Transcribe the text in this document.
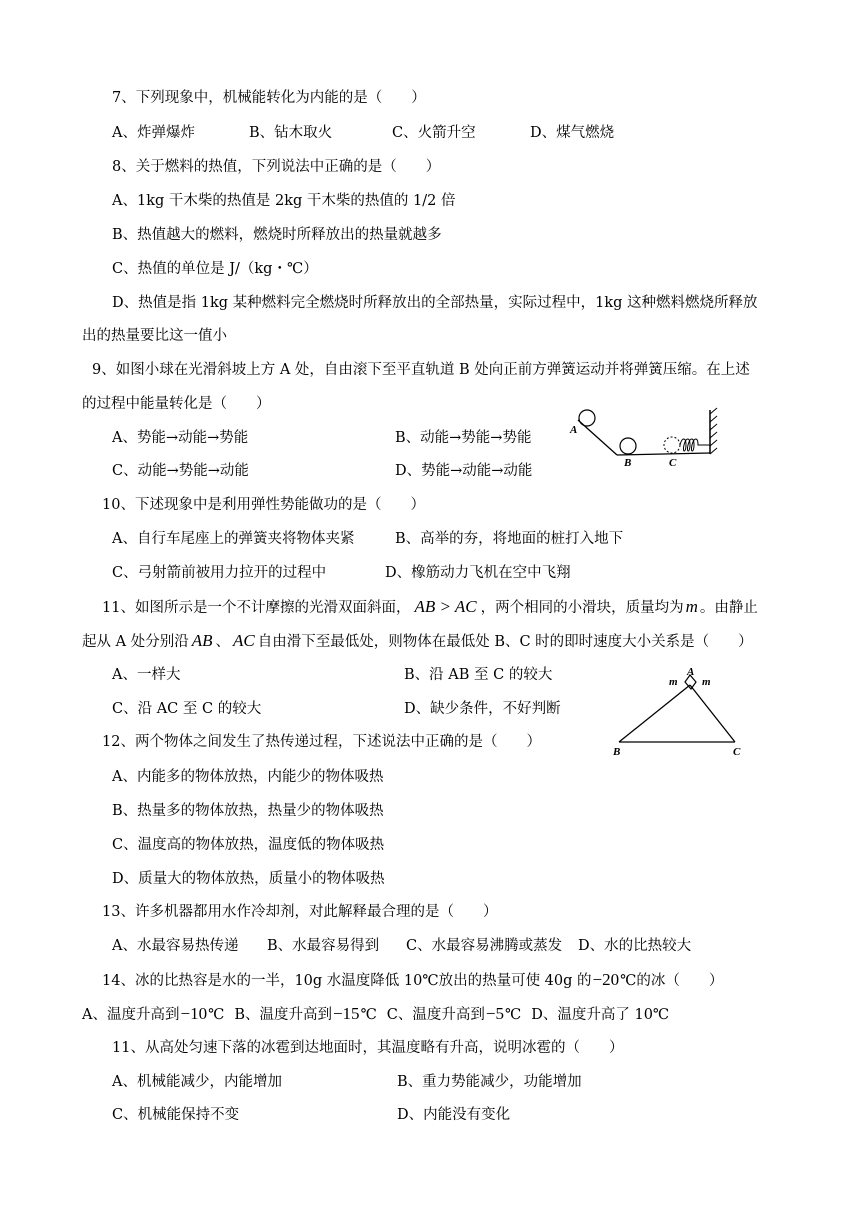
7、下列现象中，机械能转化为内能的是（　　）
A、炸弹爆炸	B、钻木取火	C、火箭升空	D、煤气燃烧
8、关于燃料的热值，下列说法中正确的是（　　）
A、1kg 干木柴的热值是 2kg 干木柴的热值的 1/2 倍
B、热值越大的燃料，燃烧时所释放出的热量就越多
C、热值的单位是 J/（kg・℃）
D、热值是指 1kg 某种燃料完全燃烧时所释放出的全部热量，实际过程中，1kg 这种燃料燃烧所释放
出的热量要比这一值小
9、如图小球在光滑斜坡上方 A 处，自由滚下至平直轨道 B 处向正前方弹簧运动并将弹簧压缩。在上述
的过程中能量转化是（　　）
A、势能→动能→势能	B、动能→势能→势能
C、动能→势能→动能	D、势能→动能→动能
A
B	C
10、下述现象中是利用弹性势能做功的是（　　）
A、自行车尾座上的弹簧夹将物体夹紧	B、高举的夯，将地面的桩打入地下
C、弓射箭前被用力拉开的过程中	D、橡筋动力飞机在空中飞翔
11、如图所示是一个不计摩擦的光滑双面斜面， AB > AC ，两个相同的小滑块，质量均为 m 。由静止
起从 A 处分别沿 AB 、 AC 自由滑下至最低处，则物体在最低处 B、C 时的即时速度大小关系是（　　）
A、一样大	B、沿 AB 至 C 的较大
C、沿 AC 至 C 的较大	D、缺少条件，不好判断
m m
A
B	C
12、两个物体之间发生了热传递过程，下述说法中正确的是（　　）
A、内能多的物体放热，内能少的物体吸热
B、热量多的物体放热，热量少的物体吸热
C、温度高的物体放热，温度低的物体吸热
D、质量大的物体放热，质量小的物体吸热
13、许多机器都用水作冷却剂，对此解释最合理的是（　　）
A、水最容易热传递 B、水最容易得到 C、水最容易沸腾或蒸发 D、水的比热较大
14、冰的比热容是水的一半，10g 水温度降低 10℃放出的热量可使 40g 的−20℃的冰（　　）
A、温度升高到−10℃ B、温度升高到−15℃ C、温度升高到−5℃ D、温度升高了 10℃
11、从高处匀速下落的冰雹到达地面时，其温度略有升高，说明冰雹的（　　）
A、机械能减少，内能增加	B、重力势能减少，功能增加
C、机械能保持不变	D、内能没有变化
